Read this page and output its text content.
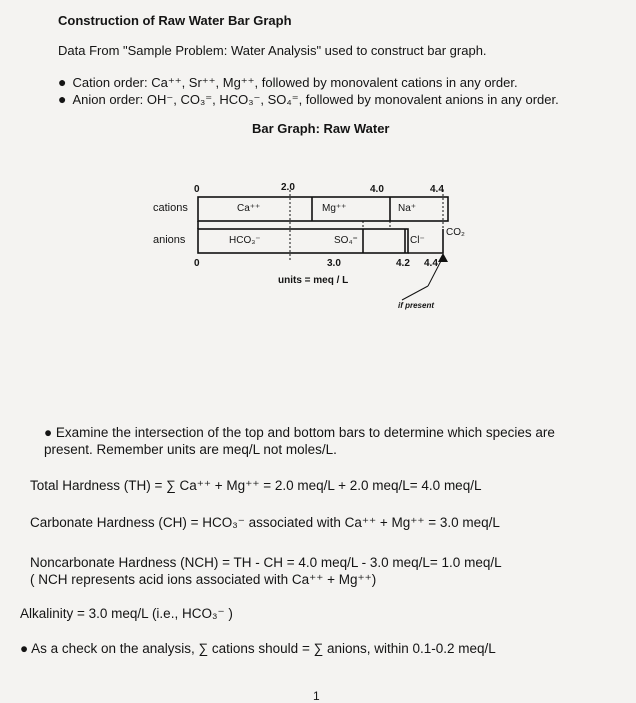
Construction of Raw Water Bar Graph
Data From "Sample Problem: Water Analysis" used to construct bar graph.
● Cation order: Ca⁺⁺, Sr⁺⁺, Mg⁺⁺, followed by monovalent cations in any order.
● Anion order: OH⁻, CO₃⁼, HCO₃⁻, SO₄⁼, followed by monovalent anions in any order.
Bar Graph: Raw Water
cations
anions
0	2.0	4.0	4.4
0	3.0	4.2 4.4
Ca⁺⁺	Mg⁺⁺	Na⁺
HCO₃⁻	SO₄⁼	Cl⁻
CO₂
units = meq / L
if present
● Examine the intersection of the top and bottom bars to determine which species are present. Remember units are meq/L not moles/L.
Total Hardness (TH) = ∑ Ca⁺⁺ + Mg⁺⁺ = 2.0 meq/L + 2.0 meq/L= 4.0 meq/L
Carbonate Hardness (CH) = HCO₃⁻ associated with Ca⁺⁺ + Mg⁺⁺ = 3.0 meq/L
Noncarbonate Hardness (NCH) = TH - CH = 4.0 meq/L - 3.0 meq/L= 1.0 meq/L
( NCH represents acid ions associated with Ca⁺⁺ + Mg⁺⁺)
Alkalinity = 3.0 meq/L (i.e., HCO₃⁻ )
● As a check on the analysis, ∑ cations should = ∑ anions, within 0.1-0.2 meq/L
1
